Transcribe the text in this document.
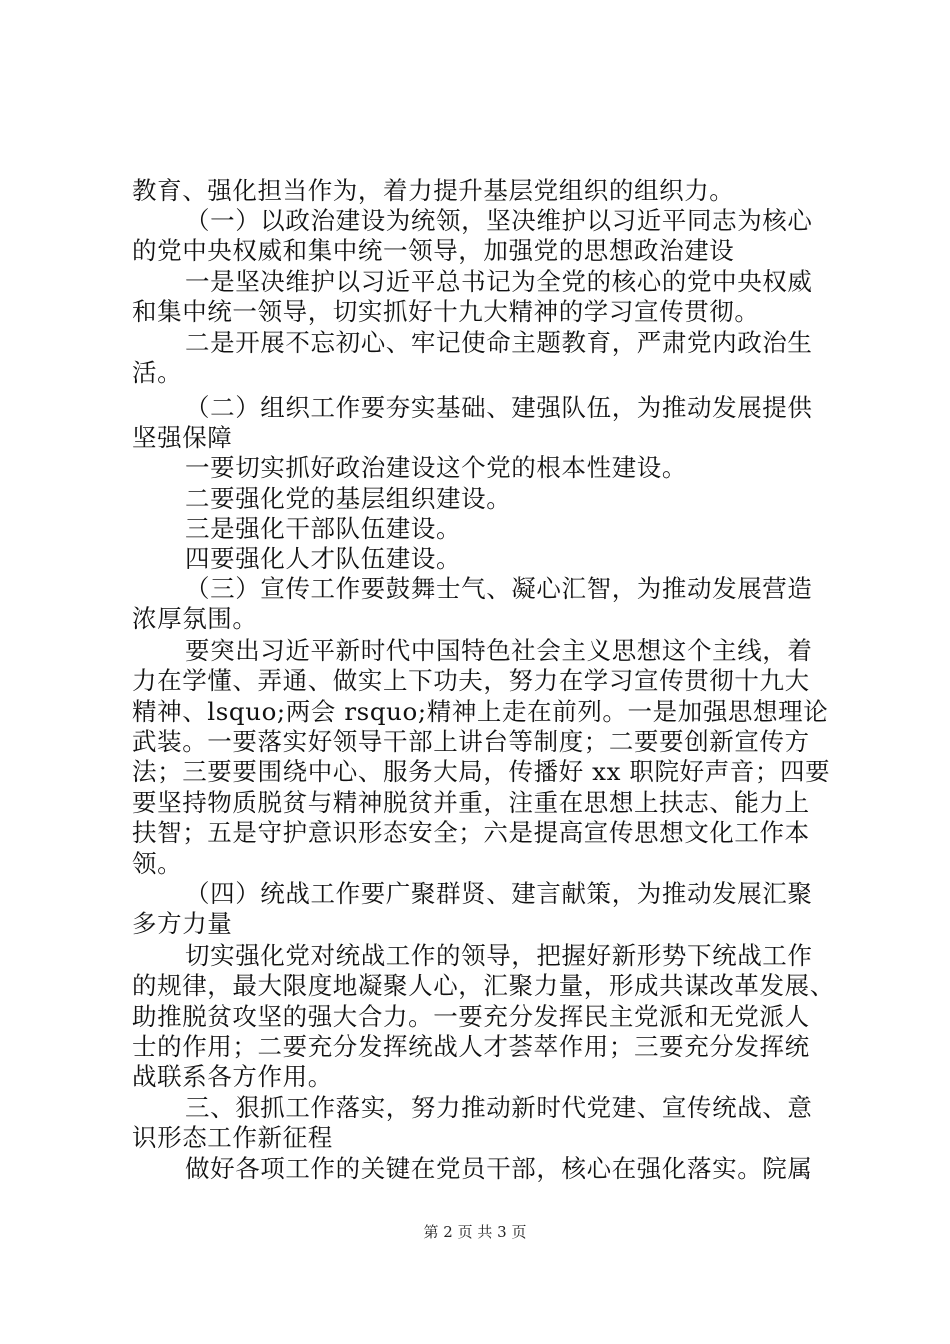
教育、强化担当作为，着力提升基层党组织的组织力。
（一）以政治建设为统领，坚决维护以习近平同志为核心
的党中央权威和集中统一领导，加强党的思想政治建设
一是坚决维护以习近平总书记为全党的核心的党中央权威
和集中统一领导，切实抓好十九大精神的学习宣传贯彻。
二是开展不忘初心、牢记使命主题教育，严肃党内政治生
活。
（二）组织工作要夯实基础、建强队伍，为推动发展提供
坚强保障
一要切实抓好政治建设这个党的根本性建设。
二要强化党的基层组织建设。
三是强化干部队伍建设。
四要强化人才队伍建设。
（三）宣传工作要鼓舞士气、凝心汇智，为推动发展营造
浓厚氛围。
要突出习近平新时代中国特色社会主义思想这个主线，着
力在学懂、弄通、做实上下功夫，努力在学习宣传贯彻十九大
精神、lsquo;两会 rsquo;精神上走在前列。一是加强思想理论
武装。一要落实好领导干部上讲台等制度；二要要创新宣传方
法；三要要围绕中心、服务大局，传播好 xx 职院好声音；四要
要坚持物质脱贫与精神脱贫并重，注重在思想上扶志、能力上
扶智；五是守护意识形态安全；六是提高宣传思想文化工作本
领。
（四）统战工作要广聚群贤、建言献策，为推动发展汇聚
多方力量
切实强化党对统战工作的领导，把握好新形势下统战工作
的规律，最大限度地凝聚人心，汇聚力量，形成共谋改革发展、
助推脱贫攻坚的强大合力。一要充分发挥民主党派和无党派人
士的作用；二要充分发挥统战人才荟萃作用；三要充分发挥统
战联系各方作用。
三、狠抓工作落实，努力推动新时代党建、宣传统战、意
识形态工作新征程
做好各项工作的关键在党员干部，核心在强化落实。院属
第 2 页 共 3 页
